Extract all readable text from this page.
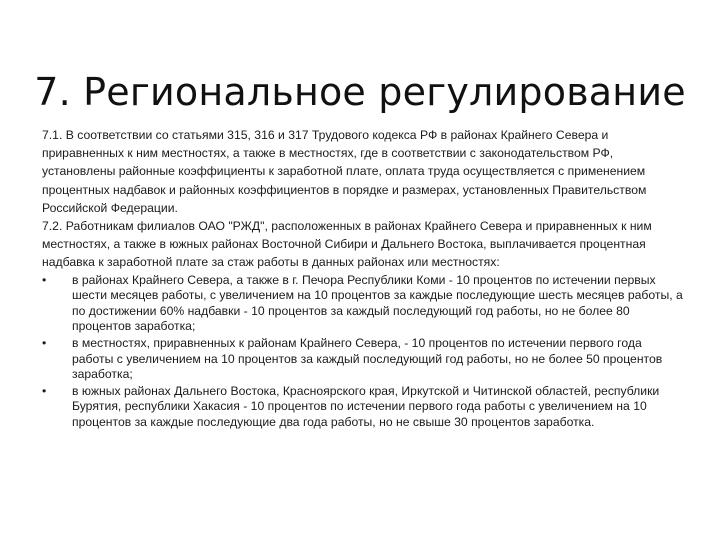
7. Региональное регулирование

7.1. В соответствии со статьями 315, 316 и 317 Трудового кодекса РФ в районах Крайнего Севера и приравненных к ним местностях, а также в местностях, где в соответствии с законодательством РФ, установлены районные коэффициенты к заработной плате, оплата труда осуществляется с применением процентных надбавок и районных коэффициентов в порядке и размерах, установленных Правительством Российской Федерации.

7.2. Работникам филиалов ОАО "РЖД", расположенных в районах Крайнего Севера и приравненных к ним местностях, а также в южных районах Восточной Сибири и Дальнего Востока, выплачивается процентная надбавка к заработной плате за стаж работы в данных районах или местностях:

•	в районах Крайнего Севера, а также в г. Печора Республики Коми - 10 процентов по истечении первых шести месяцев работы, с увеличением на 10 процентов за каждые последующие шесть месяцев работы, а по достижении 60% надбавки - 10 процентов за каждый последующий год работы, но не более 80 процентов заработка;
•	в местностях, приравненных к районам Крайнего Севера, - 10 процентов по истечении первого года работы с увеличением на 10 процентов за каждый последующий год работы, но не более 50 процентов заработка;
•	в южных районах Дальнего Востока, Красноярского края, Иркутской и Читинской областей, республики Бурятия, республики Хакасия - 10 процентов по истечении первого года работы с увеличением на 10 процентов за каждые последующие два года работы, но не свыше 30 процентов заработка.
